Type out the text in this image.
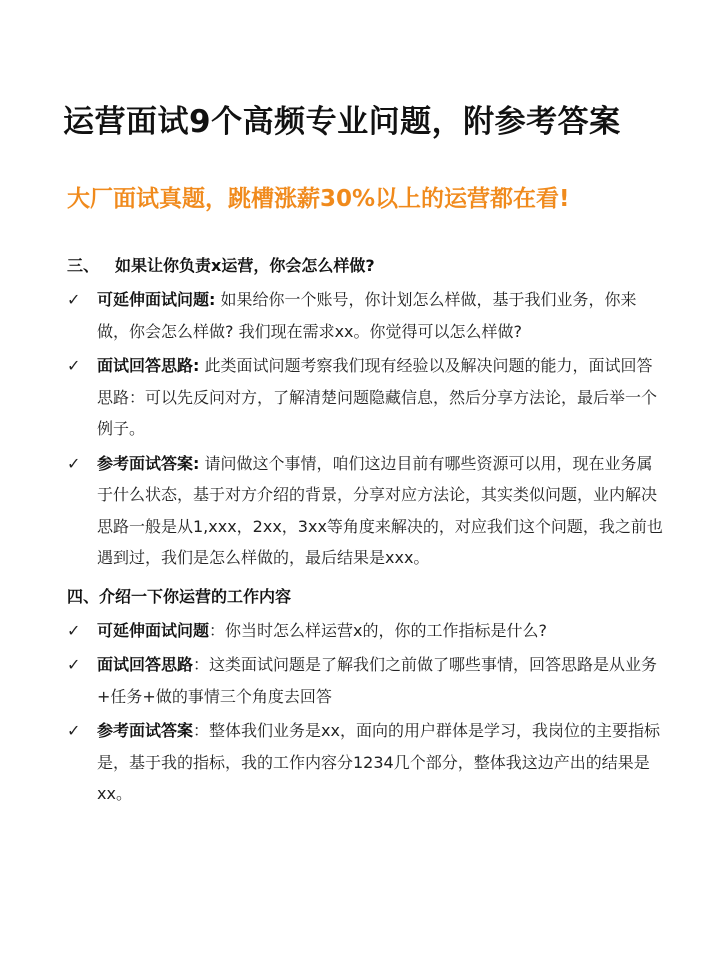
运营面试9个高频专业问题，附参考答案
大厂面试真题，跳槽涨薪30%以上的运营都在看!
三、 如果让你负责x运营，你会怎么样做?
✓ 可延伸面试问题: 如果给你一个账号，你计划怎么样做，基于我们业务，你来做，你会怎么样做? 我们现在需求xx。你觉得可以怎么样做?
✓ 面试回答思路: 此类面试问题考察我们现有经验以及解决问题的能力，面试回答思路：可以先反问对方，了解清楚问题隐藏信息，然后分享方法论，最后举一个例子。
✓ 参考面试答案: 请问做这个事情，咱们这边目前有哪些资源可以用，现在业务属于什么状态，基于对方介绍的背景，分享对应方法论，其实类似问题，业内解决思路一般是从1,xxx，2xx，3xx等角度来解决的，对应我们这个问题，我之前也遇到过，我们是怎么样做的，最后结果是xxx。
四、介绍一下你运营的工作内容
✓ 可延伸面试问题：你当时怎么样运营x的，你的工作指标是什么?
✓ 面试回答思路：这类面试问题是了解我们之前做了哪些事情，回答思路是从业务+任务+做的事情三个角度去回答
✓ 参考面试答案：整体我们业务是xx，面向的用户群体是学习，我岗位的主要指标是，基于我的指标，我的工作内容分1234几个部分，整体我这边产出的结果是xx。
